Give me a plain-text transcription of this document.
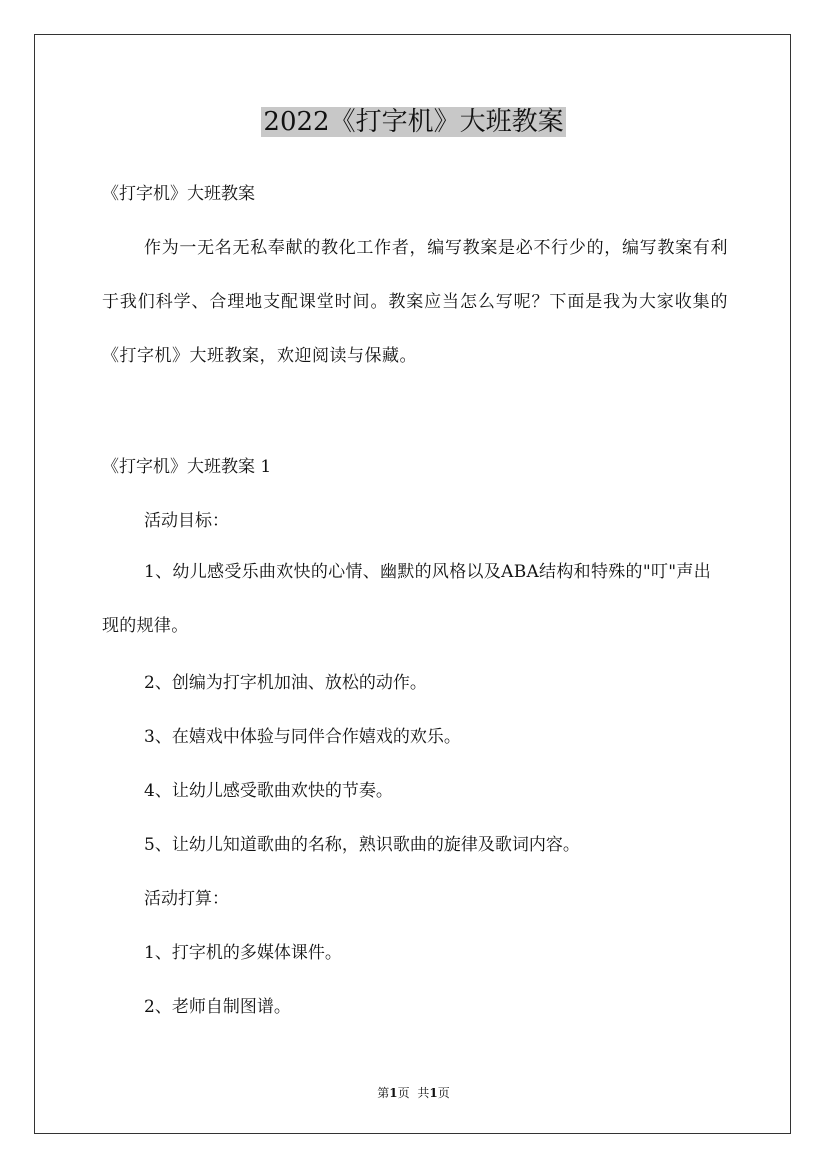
2022《打字机》大班教案
《打字机》大班教案
作为一无名无私奉献的教化工作者，编写教案是必不行少的，编写教案有利于我们科学、合理地支配课堂时间。教案应当怎么写呢？下面是我为大家收集的《打字机》大班教案，欢迎阅读与保藏。
《打字机》大班教案 1
活动目标：
1、幼儿感受乐曲欢快的心情、幽默的风格以及ABA结构和特殊的"叮"声出现的规律。
2、创编为打字机加油、放松的动作。
3、在嬉戏中体验与同伴合作嬉戏的欢乐。
4、让幼儿感受歌曲欢快的节奏。
5、让幼儿知道歌曲的名称，熟识歌曲的旋律及歌词内容。
活动打算：
1、打字机的多媒体课件。
2、老师自制图谱。
第1页 共1页
